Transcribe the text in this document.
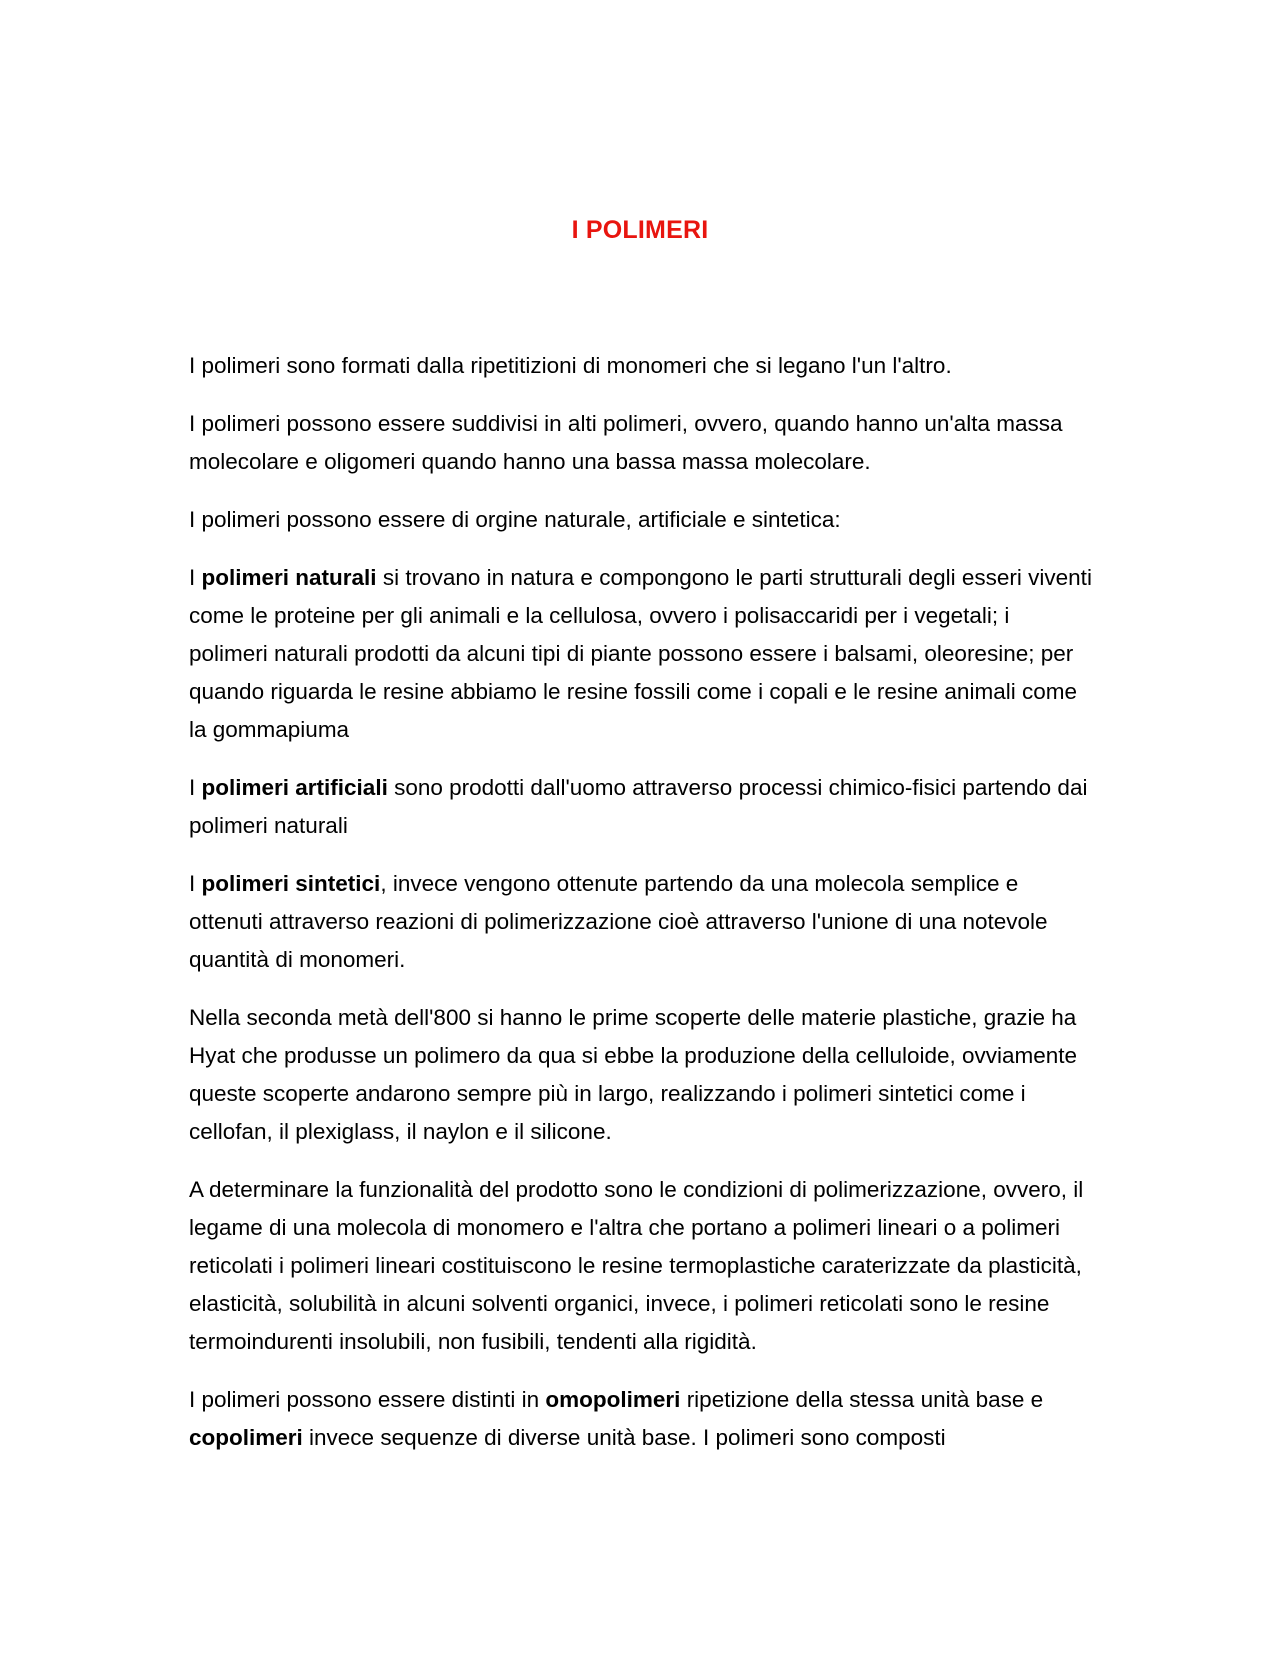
I POLIMERI

I polimeri sono formati dalla ripetitizioni di monomeri che si legano l'un l'altro.

I polimeri possono essere suddivisi in alti polimeri, ovvero, quando hanno un'alta massa molecolare e oligomeri quando hanno una bassa massa molecolare.

I polimeri possono essere di orgine naturale, artificiale e sintetica:

I polimeri naturali si trovano in natura e compongono le parti strutturali degli esseri viventi come le proteine per gli animali e la cellulosa, ovvero i polisaccaridi per i vegetali; i polimeri naturali prodotti da alcuni tipi di piante possono essere i balsami, oleoresine; per quando riguarda le resine abbiamo le resine fossili come i copali e le resine animali come la gommapiuma

I polimeri artificiali sono prodotti dall'uomo attraverso processi chimico-fisici partendo dai polimeri naturali

I polimeri sintetici, invece vengono ottenute partendo da una molecola semplice e ottenuti attraverso reazioni di polimerizzazione cioè attraverso l'unione di una notevole quantità di monomeri.

Nella seconda metà dell'800 si hanno le prime scoperte delle materie plastiche, grazie ha Hyat che produsse un polimero da qua si ebbe la produzione della celluloide, ovviamente queste scoperte andarono sempre più in largo, realizzando i polimeri sintetici come i cellofan, il plexiglass, il naylon e il silicone.

A determinare la funzionalità del prodotto sono le condizioni di polimerizzazione, ovvero, il legame di una molecola di monomero e l'altra che portano a polimeri lineari o a polimeri reticolati i polimeri lineari costituiscono le resine termoplastiche caraterizzate da plasticità, elasticità, solubilità in alcuni solventi organici, invece, i polimeri reticolati sono le resine termoindurenti insolubili, non fusibili, tendenti alla rigidità.

I polimeri possono essere distinti in omopolimeri ripetizione della stessa unità base e copolimeri invece sequenze di diverse unità base. I polimeri sono composti
